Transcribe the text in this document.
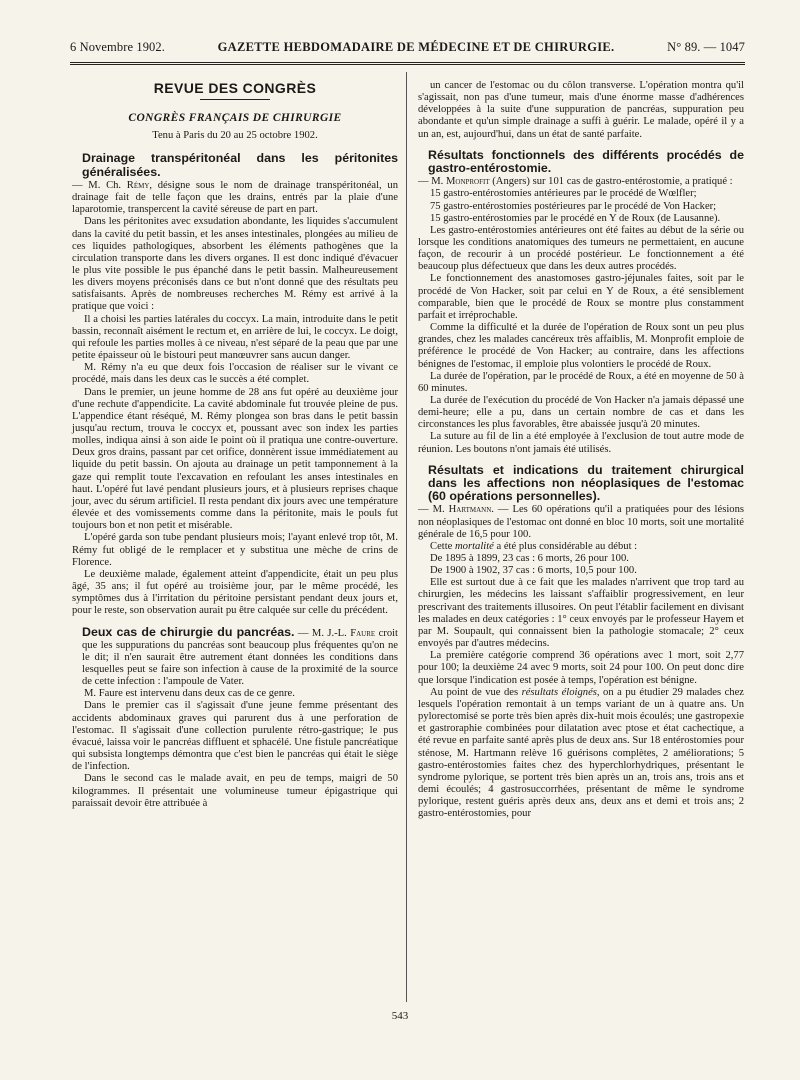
6 Novembre 1902.	GAZETTE HEBDOMADAIRE DE MÉDECINE ET DE CHIRURGIE.	N° 89. — 1047
REVUE DES CONGRÈS
CONGRÈS FRANÇAIS DE CHIRURGIE
Tenu à Paris du 20 au 25 octobre 1902.
Drainage transpéritonéal dans les péritonites généralisées.

— M. Ch. Rémy, désigne sous le nom de drainage transpéritonéal, un drainage fait de telle façon que les drains, entrés par la plaie d'une laparotomie, transpercent la cavité séreuse de part en part.

Dans les péritonites avec exsudation abondante, les liquides s'accumulent dans la cavité du petit bassin, et les anses intestinales, plongées au milieu de ces liquides pathologiques, absorbent les éléments pathogènes que la circulation transporte dans les divers organes. Il est donc indiqué d'évacuer le plus vite possible le pus épanché dans le petit bassin. Malheureusement les divers moyens préconisés dans ce but n'ont donné que des résultats peu satisfaisants. Après de nombreuses recherches M. Rémy est arrivé à la pratique que voici :

Il a choisi les parties latérales du coccyx. La main, introduite dans le petit bassin, reconnaît aisément le rectum et, en arrière de lui, le coccyx. Le doigt, qui refoule les parties molles à ce niveau, n'est séparé de la peau que par une petite épaisseur où le bistouri peut manœuvrer sans aucun danger.

M. Rémy n'a eu que deux fois l'occasion de réaliser sur le vivant ce procédé, mais dans les deux cas le succès a été complet.

Dans le premier, un jeune homme de 28 ans fut opéré au deuxième jour d'une rechute d'appendicite. La cavité abdominale fut trouvée pleine de pus. L'appendice étant réséqué, M. Rémy plongea son bras dans le petit bassin jusqu'au rectum, trouva le coccyx et, poussant avec son index les parties molles, indiqua ainsi à son aide le point où il pratiqua une contre-ouverture. Deux gros drains, passant par cet orifice, donnèrent issue immédiatement au liquide du petit bassin. On ajouta au drainage un petit tamponnement à la gaze qui remplit toute l'excavation en refoulant les anses intestinales en haut. L'opéré fut lavé pendant plusieurs jours, et à plusieurs reprises chaque jour, avec du sérum artificiel. Il resta pendant dix jours avec une température élevée et des vomissements comme dans la péritonite, mais le pouls fut toujours bon et non petit et misérable.

L'opéré garda son tube pendant plusieurs mois; l'ayant enlevé trop tôt, M. Rémy fut obligé de le remplacer et y substitua une mèche de crins de Florence.

Le deuxième malade, également atteint d'appendicite, était un peu plus âgé, 35 ans; il fut opéré au troisième jour, par le même procédé, les symptômes dus à l'irritation du péritoine persistant pendant deux jours et, pour le reste, son observation aurait pu être calquée sur celle du précédent.

Deux cas de chirurgie du pancréas. — M. J.-L. Faure croit que les suppurations du pancréas sont beaucoup plus fréquentes qu'on ne le dit; il n'en saurait être autrement étant données les conditions dans lesquelles peut se faire son infection à cause de la proximité de la source de cette infection : l'ampoule de Vater.

M. Faure est intervenu dans deux cas de ce genre.

Dans le premier cas il s'agissait d'une jeune femme présentant des accidents abdominaux graves qui parurent dus à une perforation de l'estomac. Il s'agissait d'une collection purulente rétro-gastrique; le pus évacué, laissa voir le pancréas diffluent et sphacélé. Une fistule pancréatique qui subsista longtemps démontra que c'est bien le pancréas qui était le siège de l'infection.

Dans le second cas le malade avait, en peu de temps, maigri de 50 kilogrammes. Il présentait une volumineuse tumeur épigastrique qui paraissait devoir être attribuée à

un cancer de l'estomac ou du côlon transverse. L'opération montra qu'il s'agissait, non pas d'une tumeur, mais d'une énorme masse d'adhérences développées à la suite d'une suppuration de pancréas, suppuration peu abondante et qu'un simple drainage a suffi à guérir. Le malade, opéré il y a un an, est, aujourd'hui, dans un état de santé parfaite.

Résultats fonctionnels des différents procédés de gastro-entérostomie.

— M. Monprofit (Angers) sur 101 cas de gastro-entérostomie, a pratiqué :

15 gastro-entérostomies antérieures par le procédé de Wœlfler;

75 gastro-entérostomies postérieures par le procédé de Von Hacker;

15 gastro-entérostomies par le procédé en Y de Roux (de Lausanne).

Les gastro-entérostomies antérieures ont été faites au début de la série ou lorsque les conditions anatomiques des tumeurs ne permettaient, en aucune façon, de recourir à un procédé postérieur. Le fonctionnement a été beaucoup plus défectueux que dans les deux autres procédés.

Le fonctionnement des anastomoses gastro-jéjunales faites, soit par le procédé de Von Hacker, soit par celui en Y de Roux, a été sensiblement comparable, bien que le procédé de Roux se montre plus constamment parfait et irréprochable.

Comme la difficulté et la durée de l'opération de Roux sont un peu plus grandes, chez les malades cancéreux très affaiblis, M. Monprofit emploie de préférence le procédé de Von Hacker; au contraire, dans les affections bénignes de l'estomac, il emploie plus volontiers le procédé de Roux.

La durée de l'opération, par le procédé de Roux, a été en moyenne de 50 à 60 minutes.

La durée de l'exécution du procédé de Von Hacker n'a jamais dépassé une demi-heure; elle a pu, dans un certain nombre de cas et dans les circonstances les plus favorables, être abaissée jusqu'à 20 minutes.

La suture au fil de lin a été employée à l'exclusion de tout autre mode de réunion. Les boutons n'ont jamais été utilisés.

Résultats et indications du traitement chirurgical dans les affections non néoplasiques de l'estomac (60 opérations personnelles).

— M. Hartmann. — Les 60 opérations qu'il a pratiquées pour des lésions non néoplasiques de l'estomac ont donné en bloc 10 morts, soit une mortalité générale de 16,5 pour 100.

Cette mortalité a été plus considérable au début :

De 1895 à 1899, 23 cas : 6 morts, 26 pour 100.

De 1900 à 1902, 37 cas : 6 morts, 10,5 pour 100.

Elle est surtout due à ce fait que les malades n'arrivent que trop tard au chirurgien, les médecins les laissant s'affaiblir progressivement, en leur prescrivant des traitements illusoires. On peut l'établir facilement en divisant les malades en deux catégories : 1° ceux envoyés par le professeur Hayem et par M. Soupault, qui connaissent bien la pathologie stomacale; 2° ceux envoyés par d'autres médecins.

La première catégorie comprend 36 opérations avec 1 mort, soit 2,77 pour 100; la deuxième 24 avec 9 morts, soit 24 pour 100. On peut donc dire que lorsque l'indication est posée à temps, l'opération est bénigne.

Au point de vue des résultats éloignés, on a pu étudier 29 malades chez lesquels l'opération remontait à un temps variant de un à quatre ans. Un pylorectomisé se porte très bien après dix-huit mois écoulés; une gastropexie et gastroraphie combinées pour dilatation avec ptose et état cachectique, a été revue en parfaite santé après plus de deux ans. Sur 18 entérostomies pour sténose, M. Hartmann relève 16 guérisons complètes, 2 améliorations; 5 gastro-entérostomies faites chez des hyperchlorhydriques, présentant le syndrome pylorique, se portent très bien après un an, trois ans, trois ans et demi écoulés; 4 gastrosuccorrhées, présentant de même le syndrome pylorique, restent guéris après deux ans, deux ans et demi et trois ans; 2 gastro-entérostomies, pour

543
